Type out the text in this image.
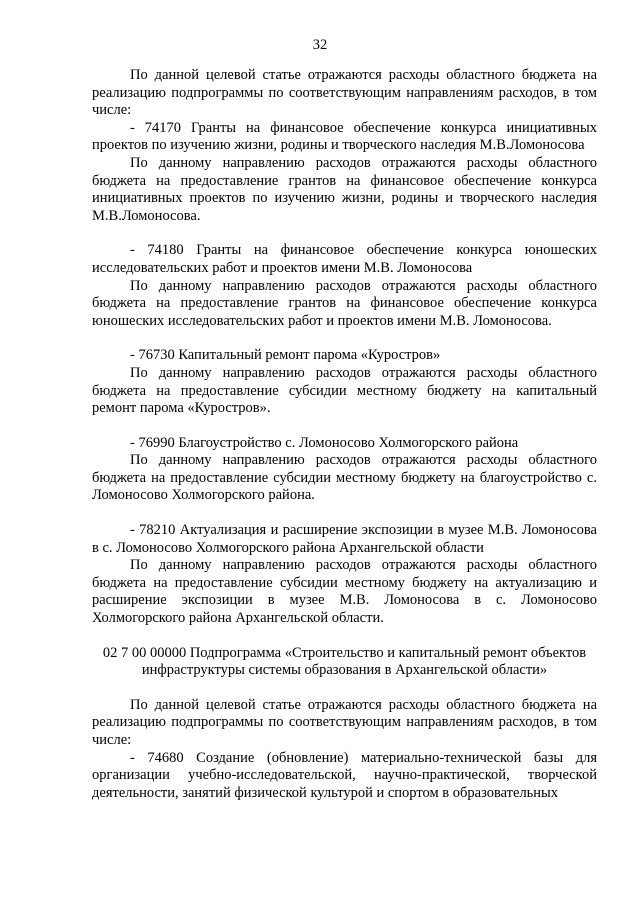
32

По данной целевой статье отражаются расходы областного бюджета на реализацию подпрограммы по соответствующим направлениям расходов, в том числе:

- 74170 Гранты на финансовое обеспечение конкурса инициативных проектов по изучению жизни, родины и творческого наследия М.В.Ломоносова

По данному направлению расходов отражаются расходы областного бюджета на предоставление грантов на финансовое обеспечение конкурса инициативных проектов по изучению жизни, родины и творческого наследия М.В.Ломоносова.

- 74180 Гранты на финансовое обеспечение конкурса юношеских исследовательских работ и проектов имени М.В. Ломоносова

По данному направлению расходов отражаются расходы областного бюджета на предоставление грантов на финансовое обеспечение конкурса юношеских исследовательских работ и проектов имени М.В. Ломоносова.

- 76730 Капитальный ремонт парома «Куростров»

По данному направлению расходов отражаются расходы областного бюджета на предоставление субсидии местному бюджету на капитальный ремонт парома «Куростров».

- 76990 Благоустройство с. Ломоносово Холмогорского района

По данному направлению расходов отражаются расходы областного бюджета на предоставление субсидии местному бюджету на благоустройство с. Ломоносово Холмогорского района.

- 78210 Актуализация и расширение экспозиции в музее М.В. Ломоносова в с. Ломоносово Холмогорского района Архангельской области

По данному направлению расходов отражаются расходы областного бюджета на предоставление субсидии местному бюджету на актуализацию и расширение экспозиции в музее М.В. Ломоносова в с. Ломоносово Холмогорского района Архангельской области.

02 7 00 00000 Подпрограмма «Строительство и капитальный ремонт объектов инфраструктуры системы образования в Архангельской области»

По данной целевой статье отражаются расходы областного бюджета на реализацию подпрограммы по соответствующим направлениям расходов, в том числе:

- 74680 Создание (обновление) материально-технической базы для организации учебно-исследовательской, научно-практической, творческой деятельности, занятий физической культурой и спортом в образовательных
